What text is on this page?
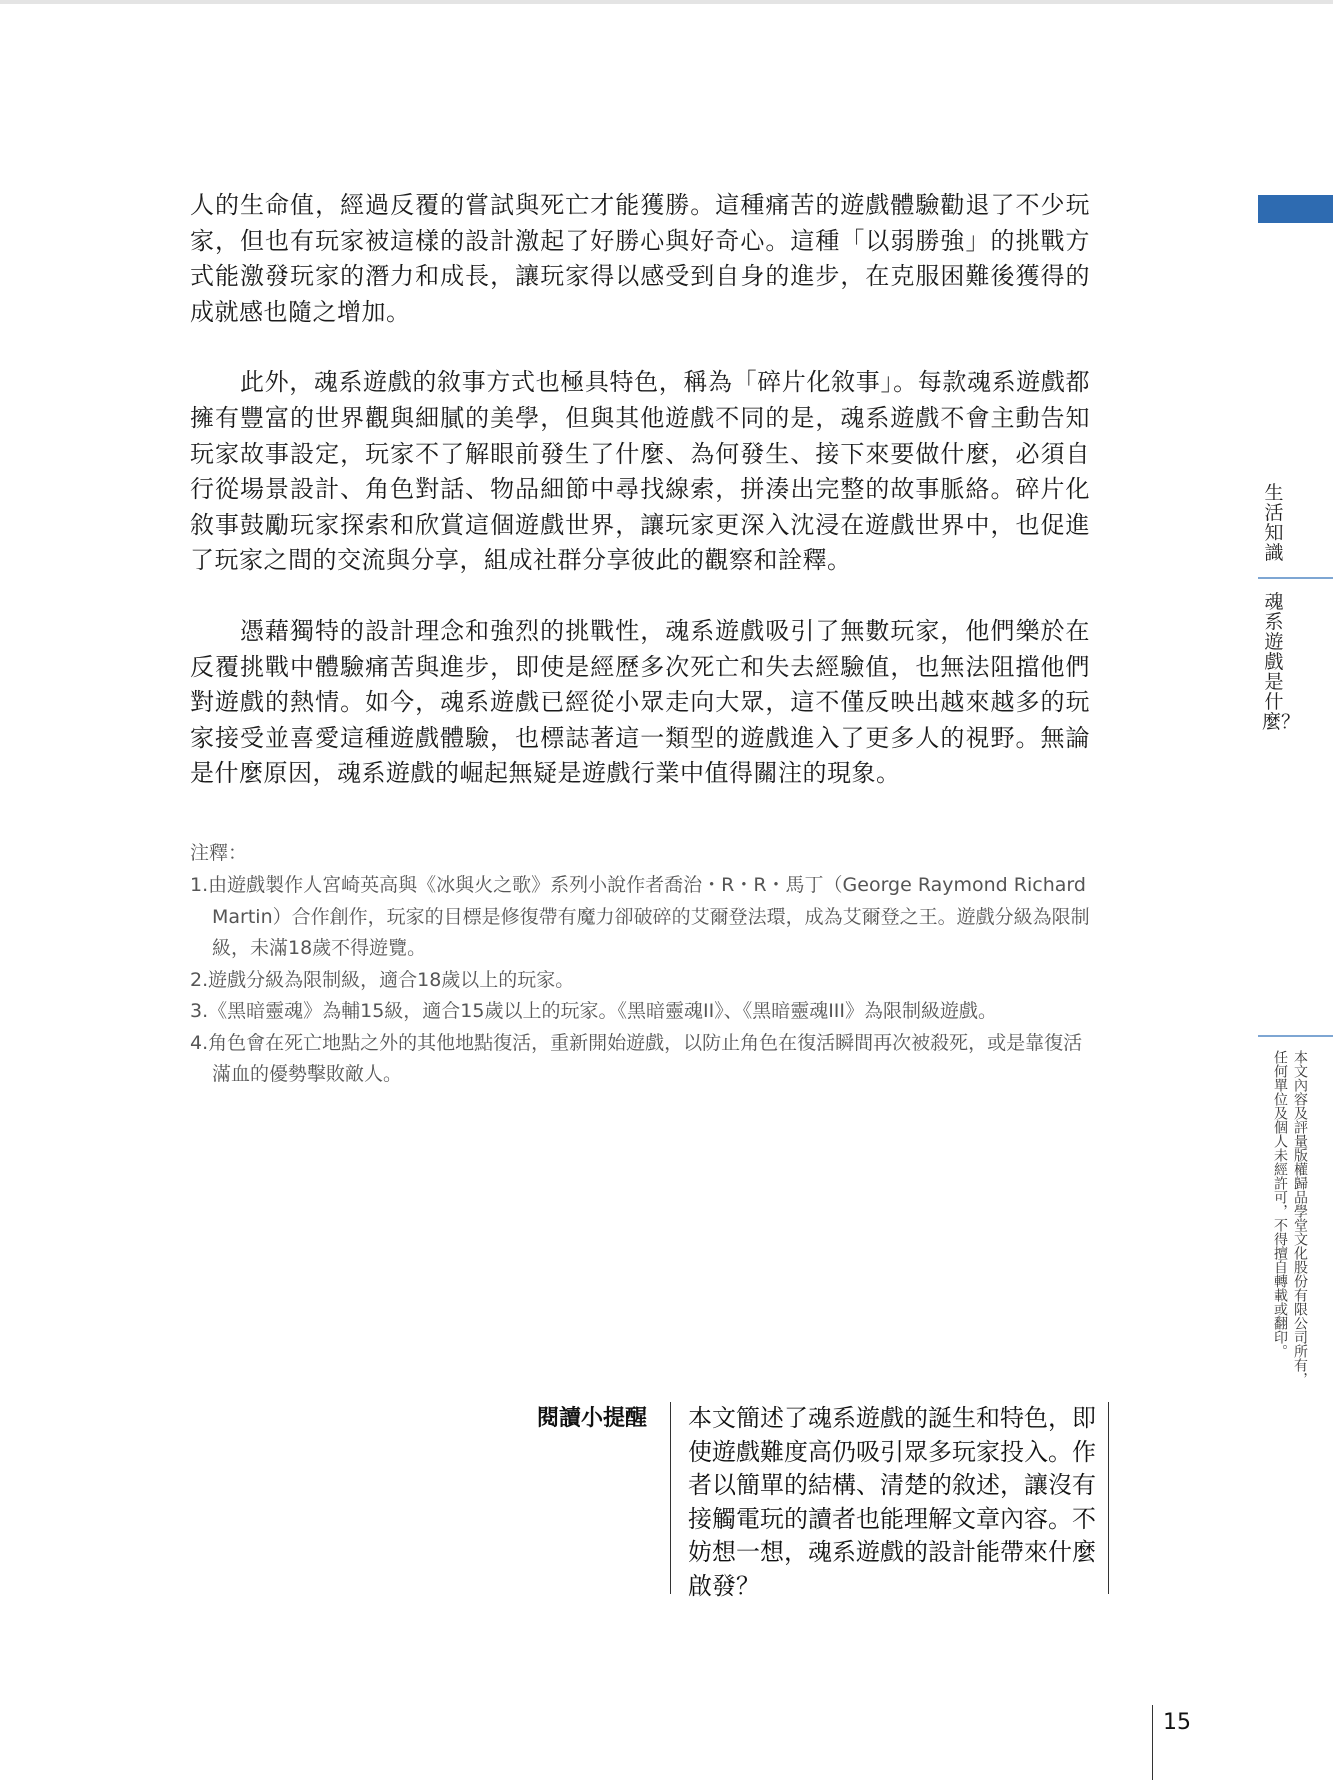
人的生命值，經過反覆的嘗試與死亡才能獲勝。這種痛苦的遊戲體驗勸退了不少玩家，但也有玩家被這樣的設計激起了好勝心與好奇心。這種「以弱勝強」的挑戰方式能激發玩家的潛力和成長，讓玩家得以感受到自身的進步，在克服困難後獲得的成就感也隨之增加。

此外，魂系遊戲的敘事方式也極具特色，稱為「碎片化敘事」。每款魂系遊戲都擁有豐富的世界觀與細膩的美學，但與其他遊戲不同的是，魂系遊戲不會主動告知玩家故事設定，玩家不了解眼前發生了什麼、為何發生、接下來要做什麼，必須自行從場景設計、角色對話、物品細節中尋找線索，拼湊出完整的故事脈絡。碎片化敘事鼓勵玩家探索和欣賞這個遊戲世界，讓玩家更深入沈浸在遊戲世界中，也促進了玩家之間的交流與分享，組成社群分享彼此的觀察和詮釋。

憑藉獨特的設計理念和強烈的挑戰性，魂系遊戲吸引了無數玩家，他們樂於在反覆挑戰中體驗痛苦與進步，即使是經歷多次死亡和失去經驗值，也無法阻擋他們對遊戲的熱情。如今，魂系遊戲已經從小眾走向大眾，這不僅反映出越來越多的玩家接受並喜愛這種遊戲體驗，也標誌著這一類型的遊戲進入了更多人的視野。無論是什麼原因，魂系遊戲的崛起無疑是遊戲行業中值得關注的現象。

注釋：

1.由遊戲製作人宮崎英高與《冰與火之歌》系列小說作者喬治・R・R・馬丁（George Raymond Richard Martin）合作創作，玩家的目標是修復帶有魔力卻破碎的艾爾登法環，成為艾爾登之王。遊戲分級為限制級，未滿18歲不得遊覽。

2.遊戲分級為限制級，適合18歲以上的玩家。

3.《黑暗靈魂》為輔15級，適合15歲以上的玩家。《黑暗靈魂II》、《黑暗靈魂III》為限制級遊戲。

4.角色會在死亡地點之外的其他地點復活，重新開始遊戲，以防止角色在復活瞬間再次被殺死，或是靠復活滿血的優勢擊敗敵人。

生活知識
魂系遊戲是什麼？
本文內容及評量版權歸品學堂文化股份有限公司所有，任何單位及個人未經許可，不得擅自轉載或翻印。
閱讀小提醒 本文簡述了魂系遊戲的誕生和特色，即使遊戲難度高仍吸引眾多玩家投入。作者以簡單的結構、清楚的敘述，讓沒有接觸電玩的讀者也能理解文章內容。不妨想一想，魂系遊戲的設計能帶來什麼啟發？
15
